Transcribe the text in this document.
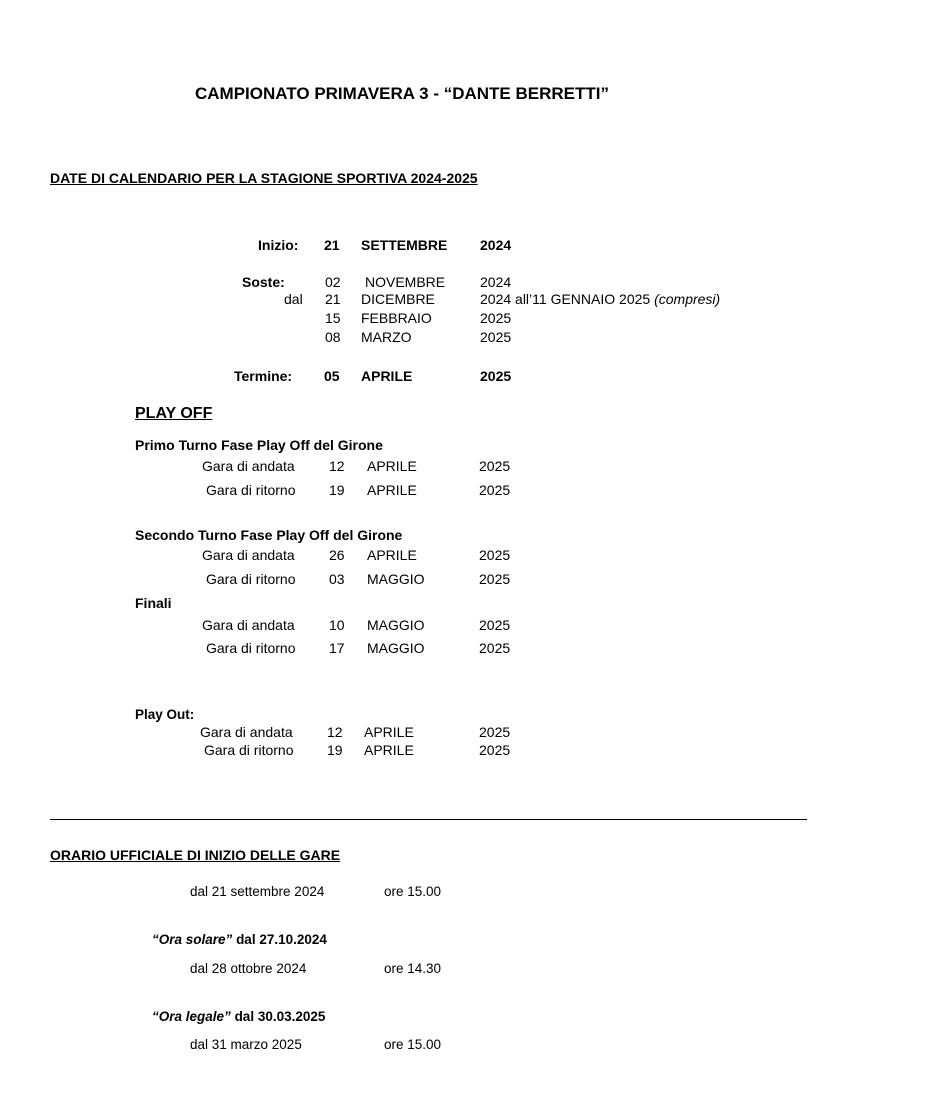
CAMPIONATO PRIMAVERA 3 - “DANTE BERRETTI”
DATE DI CALENDARIO PER LA STAGIONE SPORTIVA 2024-2025
Inizio: 21 SETTEMBRE 2024
Soste:	02 NOVEMBRE 2024
dal 21 DICEMBRE	2024 all’11 GENNAIO 2025 (compresi)
15 FEBBRAIO	2025
08 MARZO	2025
Termine: 05 APRILE	2025
PLAY OFF
Primo Turno Fase Play Off del Girone
Gara di andata 12 APRILE	2025
Gara di ritorno 19 APRILE	2025
Secondo Turno Fase Play Off del Girone
Gara di andata 26 APRILE	2025
Gara di ritorno 03 MAGGIO	2025
Finali
Gara di andata 10 MAGGIO	2025
Gara di ritorno 17 MAGGIO	2025
Play Out:
Gara di andata 12 APRILE	2025
Gara di ritorno 19 APRILE	2025
ORARIO UFFICIALE DI INIZIO DELLE GARE
dal 21 settembre 2024	ore 15.00
“Ora solare” dal 27.10.2024
dal 28 ottobre 2024	ore 14.30
“Ora legale” dal 30.03.2025
dal 31 marzo 2025	ore 15.00
